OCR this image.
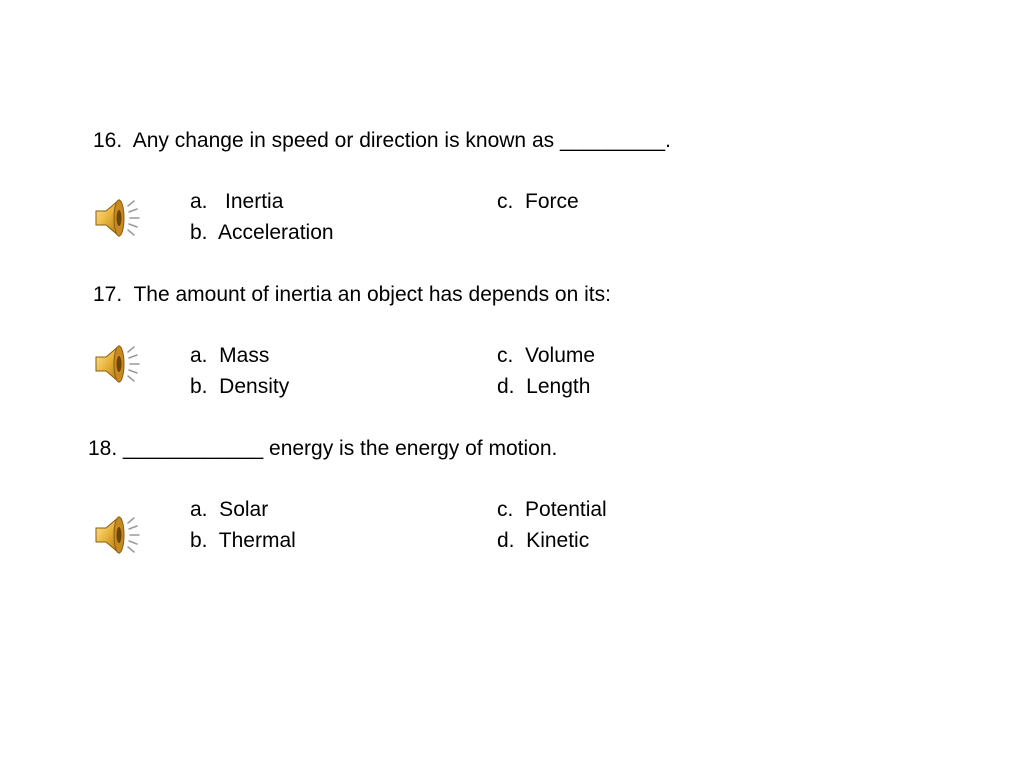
16.  Any change in speed or direction is known as _________.
a.   Inertia
b.  Acceleration
c.  Force
17.  The amount of inertia an object has depends on its:
a.  Mass
b.  Density
c.  Volume
d.  Length
18. ____________ energy is the energy of motion.
a.  Solar
b.  Thermal
c.  Potential
d.  Kinetic
